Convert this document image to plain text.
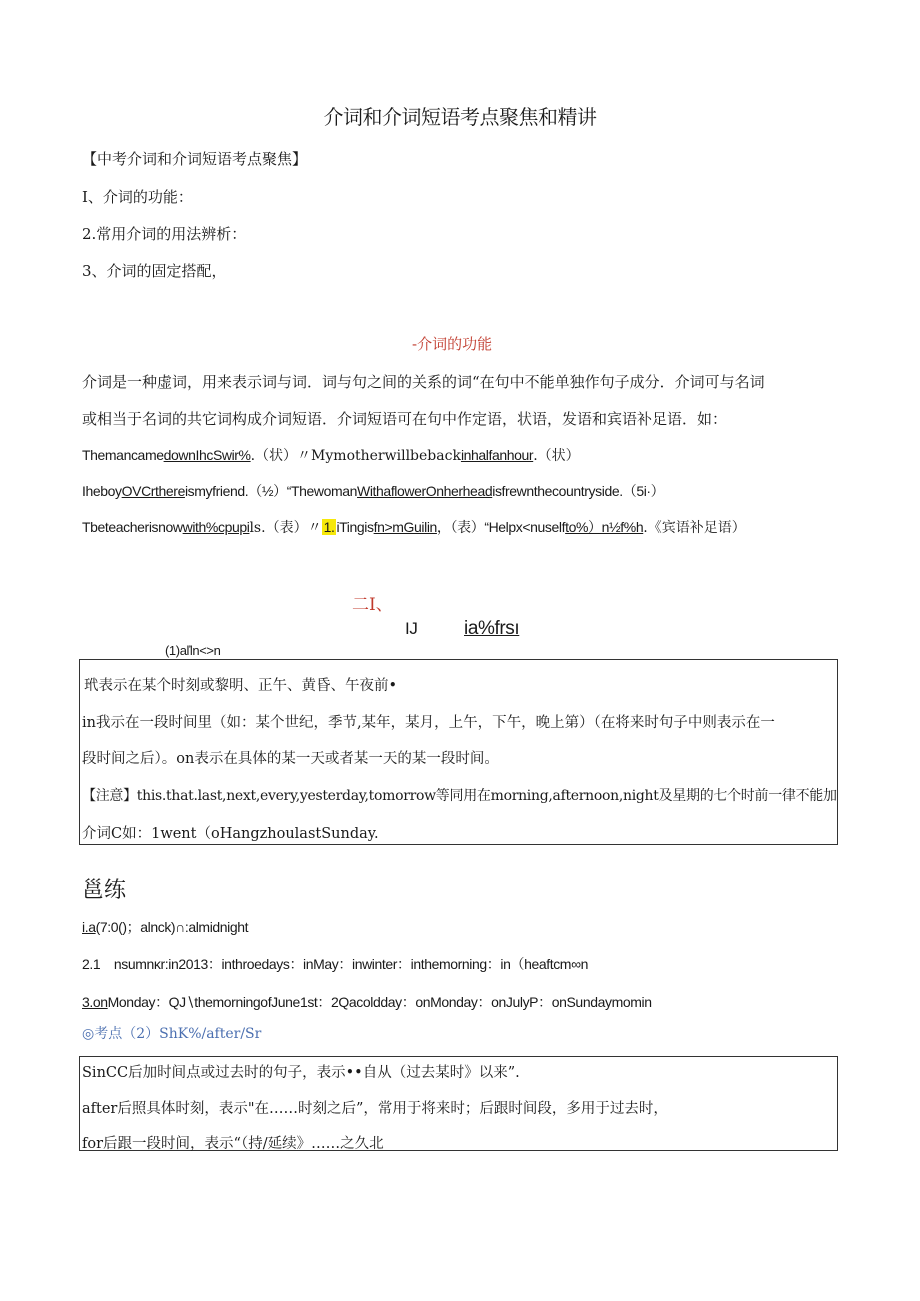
介词和介词短语考点聚焦和精讲
【中考介词和介词短语考点聚焦】
I、介词的功能：
2.常用介词的用法辨析：
3、介词的固定搭配，
-介词的功能
介词是一种虚词，用来表示词与词．词与句之间的关系的词“在句中不能单独作句子成分．介词可与名词
或相当于名词的共它词构成介词短语．介词短语可在句中作定语，状语，发语和宾语补足语．如：
ThemancamedownIhcSwir%.（状）〃Mymotherwillbebackinhalfanhour.（状）
IheboyOVCrthereismyfriend.（½）“ThewomanWithaflowerOnherheadisfrewnthecountryside.（5i·）
Tbeteacherisnowwith%cpupils.（表）〃 1. iTingisfn>mGuilin，（表）“Helpx<nuselfto%）n½f%h.《宾语补足语）
二I、
IJ ia%frsı
(1)aľln<>n
玳表示在某个时刻或黎明、正午、黄昏、午夜前•
in我示在一段时间里（如：某个世纪，季节,某年，某月，上午，下午，晚上第）（在将来时句子中则表示在一
段时间之后）。on表示在具体的某一天或者某一天的某一段时间。
【注意】this.that.last,next,every,yesterday,tomorrow等同用在morning,afternoon,night及星期的七个时前一律不能加
介词C如：1went（oHangzhoulastSunday.
邕练
i.a(7:0()；alnck)∩:almidnight
2.1　nsumnκr:in2013：inthroedays：inMay：inwinter：inthemorning：in（heaftcm∞n
3.onMonday：QJ∖themorningofJune1st：2Qacoldday：onMonday：onJulyP：onSundaymomin
◎考点（2）ShK%/after/Sr
SinCC后加时间点或过去时的句子，表示••自从（过去某时》以来”.
after后照具体时刻，表示"在……时刻之后”，常用于将来时；后跟时间段，多用于过去时，
for后跟一段时间，表示“（持/延续》……之久北
